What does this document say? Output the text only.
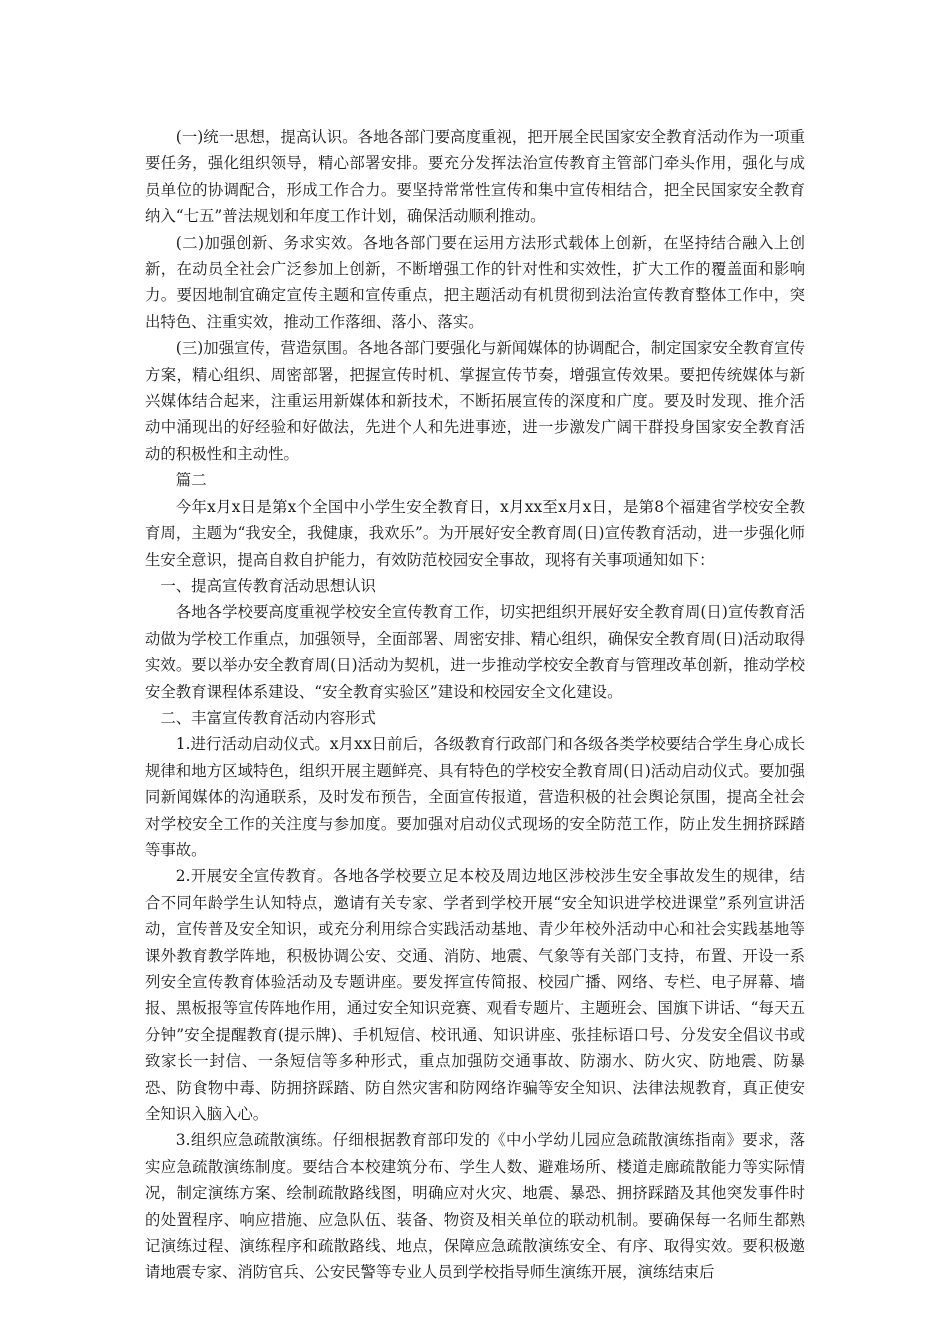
(一)统一思想，提高认识。各地各部门要高度重视，把开展全民国家安全教育活动作为一项重要任务，强化组织领导，精心部署安排。要充分发挥法治宣传教育主管部门牵头作用，强化与成员单位的协调配合，形成工作合力。要坚持常常性宣传和集中宣传相结合，把全民国家安全教育纳入“七五”普法规划和年度工作计划，确保活动顺利推动。

(二)加强创新、务求实效。各地各部门要在运用方法形式载体上创新，在坚持结合融入上创新，在动员全社会广泛参加上创新，不断增强工作的针对性和实效性，扩大工作的覆盖面和影响力。要因地制宜确定宣传主题和宣传重点，把主题活动有机贯彻到法治宣传教育整体工作中，突出特色、注重实效，推动工作落细、落小、落实。

(三)加强宣传，营造氛围。各地各部门要强化与新闻媒体的协调配合，制定国家安全教育宣传方案，精心组织、周密部署，把握宣传时机、掌握宣传节奏，增强宣传效果。要把传统媒体与新兴媒体结合起来，注重运用新媒体和新技术，不断拓展宣传的深度和广度。要及时发现、推介活动中涌现出的好经验和好做法，先进个人和先进事迹，进一步激发广阔干群投身国家安全教育活动的积极性和主动性。

篇二

今年x月x日是第x个全国中小学生安全教育日，x月xx至x月x日，是第8个福建省学校安全教育周，主题为“我安全，我健康，我欢乐”。为开展好安全教育周(日)宣传教育活动，进一步强化师生安全意识，提高自救自护能力，有效防范校园安全事故，现将有关事项通知如下：

一、提高宣传教育活动思想认识

各地各学校要高度重视学校安全宣传教育工作，切实把组织开展好安全教育周(日)宣传教育活动做为学校工作重点，加强领导，全面部署、周密安排、精心组织，确保安全教育周(日)活动取得实效。要以举办安全教育周(日)活动为契机，进一步推动学校安全教育与管理改革创新，推动学校安全教育课程体系建设、“安全教育实验区”建设和校园安全文化建设。

二、丰富宣传教育活动内容形式

1.进行活动启动仪式。x月xx日前后，各级教育行政部门和各级各类学校要结合学生身心成长规律和地方区域特色，组织开展主题鲜亮、具有特色的学校安全教育周(日)活动启动仪式。要加强同新闻媒体的沟通联系，及时发布预告，全面宣传报道，营造积极的社会舆论氛围，提高全社会对学校安全工作的关注度与参加度。要加强对启动仪式现场的安全防范工作，防止发生拥挤踩踏等事故。

2.开展安全宣传教育。各地各学校要立足本校及周边地区涉校涉生安全事故发生的规律，结合不同年龄学生认知特点，邀请有关专家、学者到学校开展“安全知识进学校进课堂”系列宣讲活动，宣传普及安全知识，或充分利用综合实践活动基地、青少年校外活动中心和社会实践基地等课外教育教学阵地，积极协调公安、交通、消防、地震、气象等有关部门支持，布置、开设一系列安全宣传教育体验活动及专题讲座。要发挥宣传简报、校园广播、网络、专栏、电子屏幕、墙报、黑板报等宣传阵地作用，通过安全知识竞赛、观看专题片、主题班会、国旗下讲话、“每天五分钟”安全提醒教育(提示牌)、手机短信、校讯通、知识讲座、张挂标语口号、分发安全倡议书或致家长一封信、一条短信等多种形式，重点加强防交通事故、防溺水、防火灾、防地震、防暴恐、防食物中毒、防拥挤踩踏、防自然灾害和防网络诈骗等安全知识、法律法规教育，真正使安全知识入脑入心。

3.组织应急疏散演练。仔细根据教育部印发的《中小学幼儿园应急疏散演练指南》要求，落实应急疏散演练制度。要结合本校建筑分布、学生人数、避难场所、楼道走廊疏散能力等实际情况，制定演练方案、绘制疏散路线图，明确应对火灾、地震、暴恐、拥挤踩踏及其他突发事件时的处置程序、响应措施、应急队伍、装备、物资及相关单位的联动机制。要确保每一名师生都熟记演练过程、演练程序和疏散路线、地点，保障应急疏散演练安全、有序、取得实效。要积极邀请地震专家、消防官兵、公安民警等专业人员到学校指导师生演练开展，演练结束后
